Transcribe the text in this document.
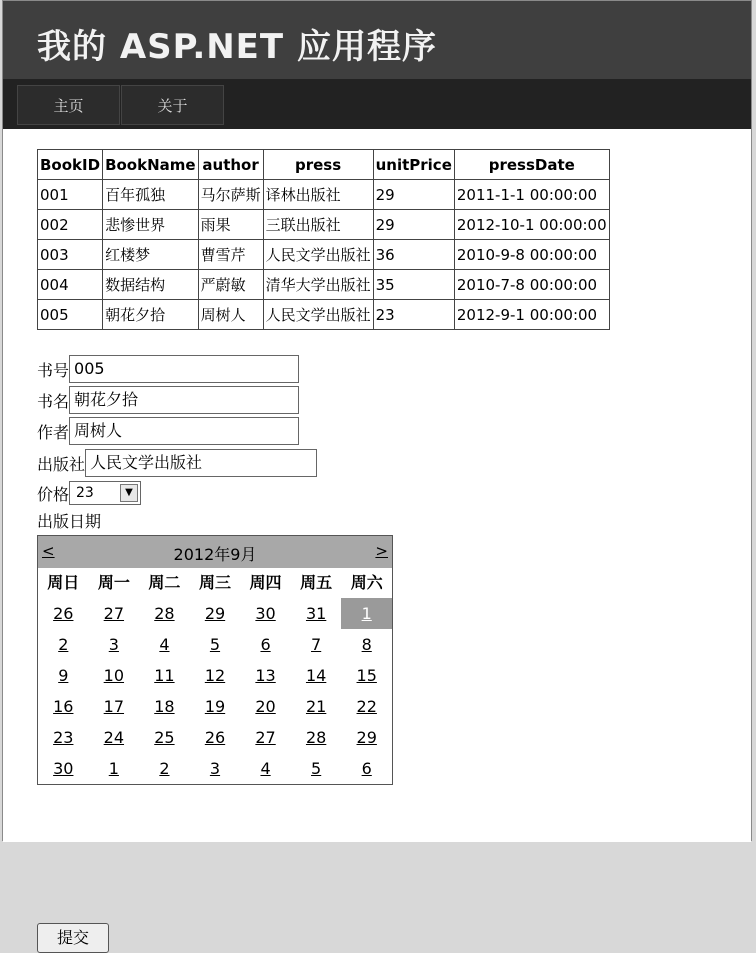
我的 ASP.NET 应用程序
主页	关于
BookID	BookName	author	press	unitPrice	pressDate
001	百年孤独	马尔萨斯	译林出版社	29	2011-1-1 00:00:00
002	悲惨世界	雨果	三联出版社	29	2012-10-1 00:00:00
003	红楼梦	曹雪芹	人民文学出版社	36	2010-9-8 00:00:00
004	数据结构	严蔚敏	清华大学出版社	35	2010-7-8 00:00:00
005	朝花夕拾	周树人	人民文学出版社	23	2012-9-1 00:00:00
书号 005
书名 朝花夕拾
作者 周树人
出版社 人民文学出版社
价格 23	▼
出版日期
<	2012年9月	>
周日	周一	周二	周三	周四	周五	周六
26	27	28	29	30	31	1
2	3	4	5	6	7	8
9	10	11	12	13	14	15
16	17	18	19	20	21	22
23	24	25	26	27	28	29
30	1	2	3	4	5	6
提交
